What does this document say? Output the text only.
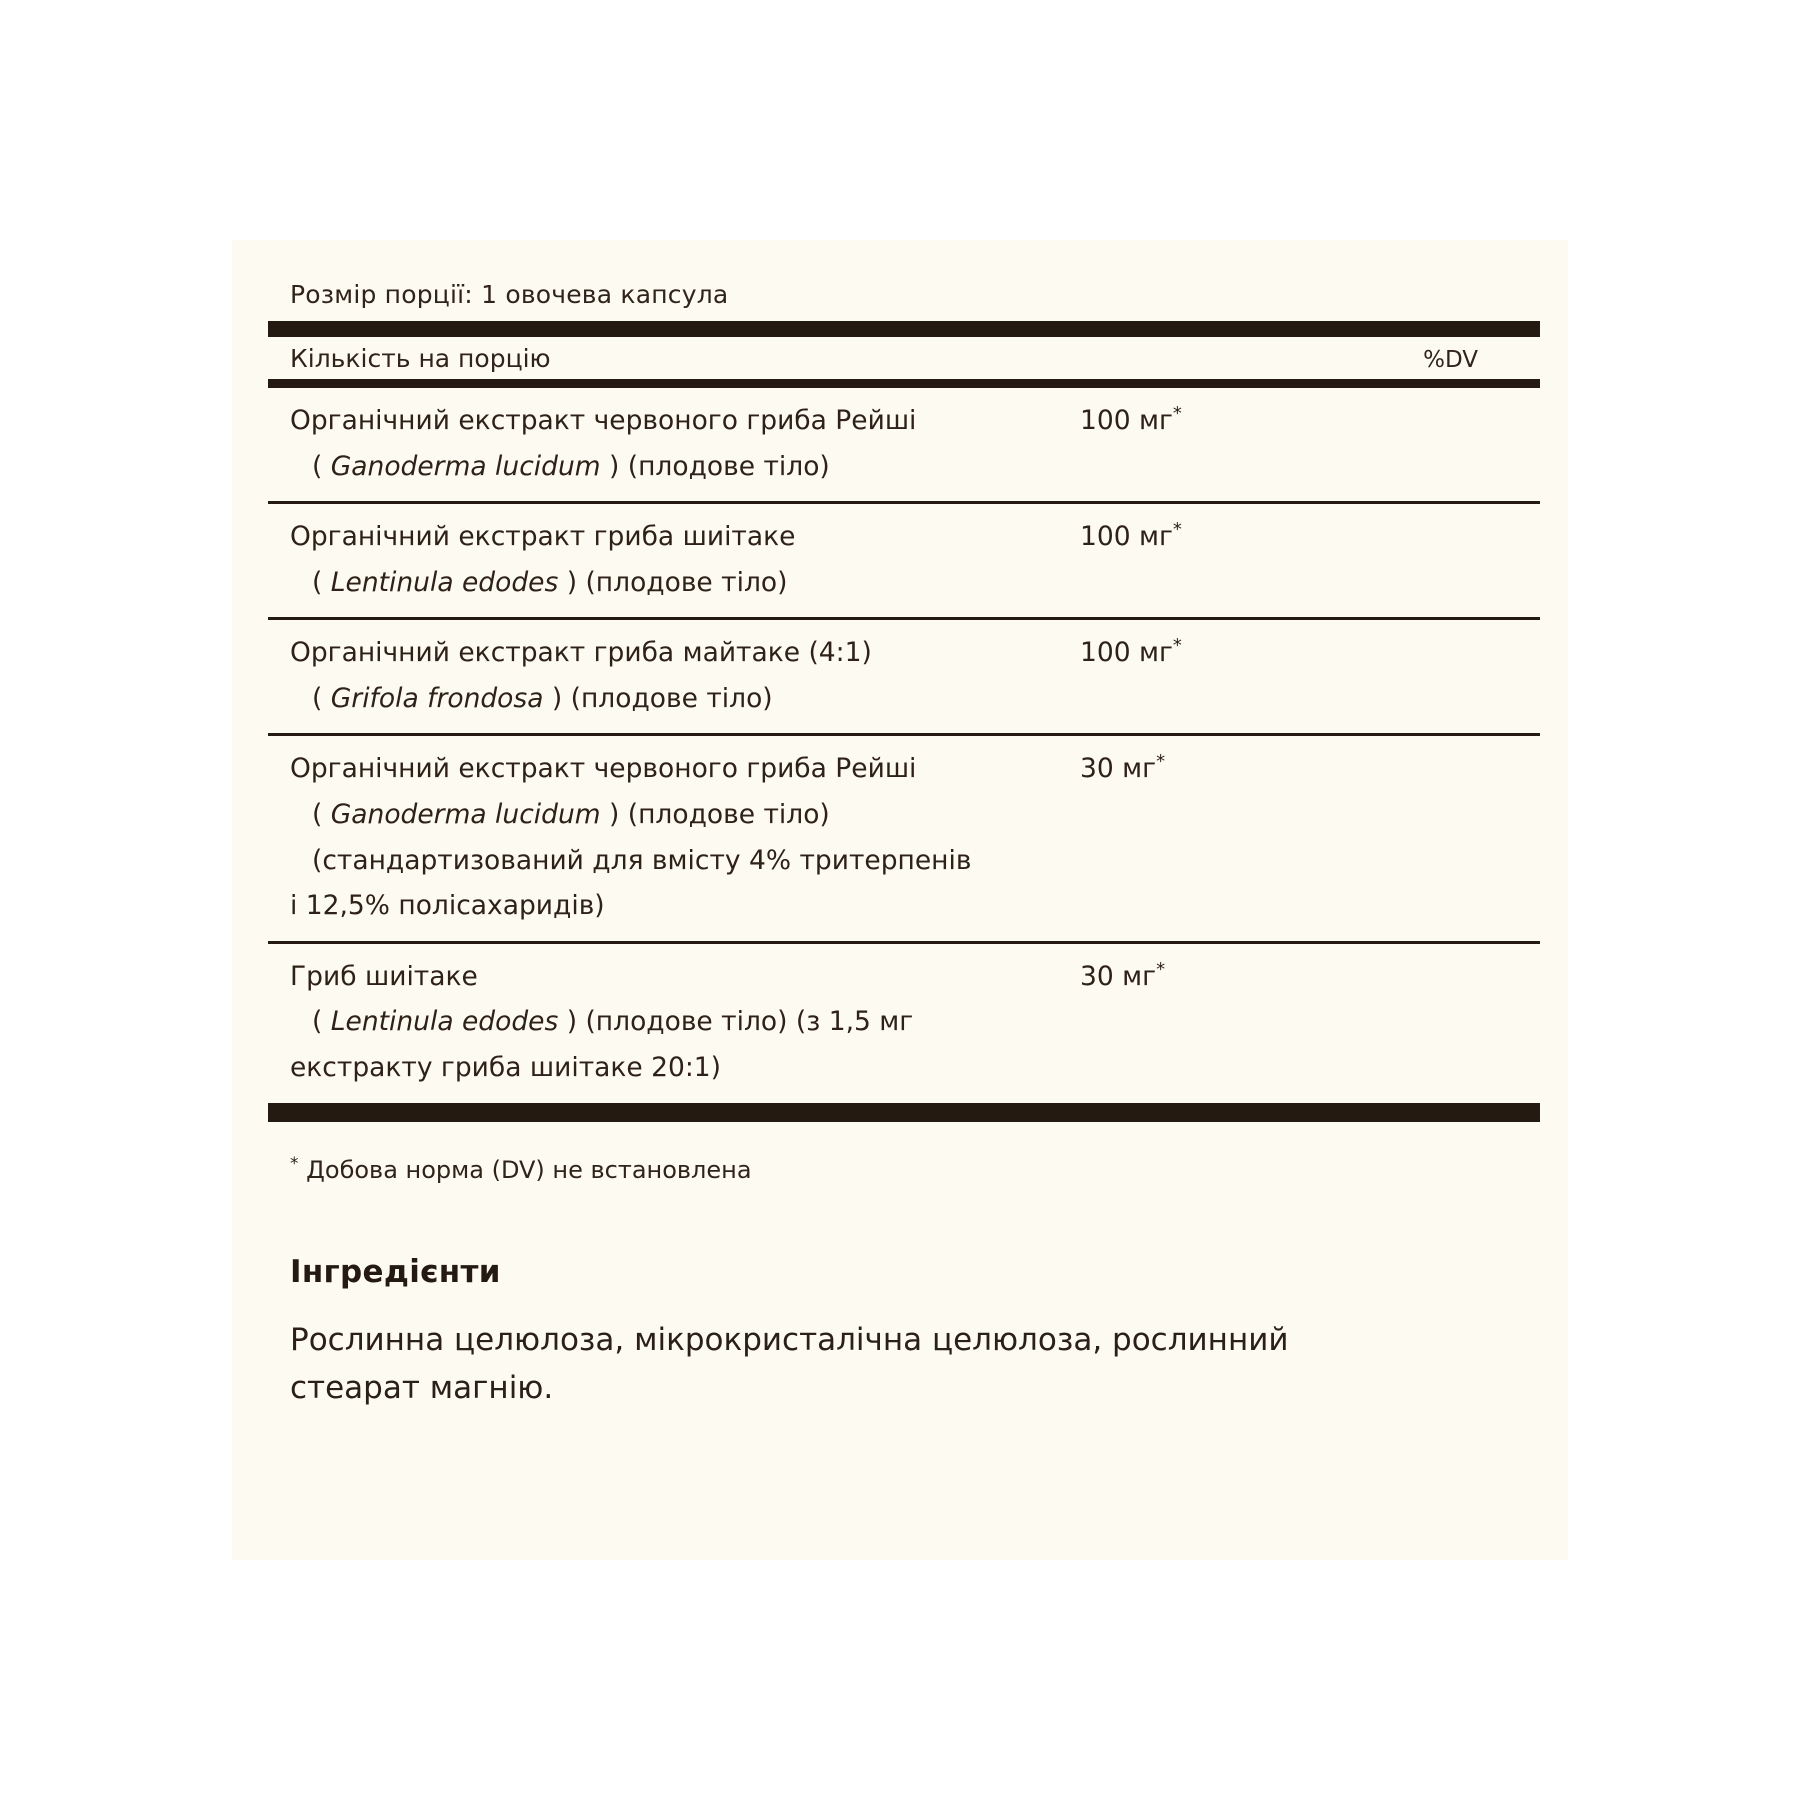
Розмір порції: 1 овочева капсула
Кількість на порцію	%DV
Органічний екстракт червоного гриба Рейші
( Ganoderma lucidum ) (плодове тіло)
100 мг*
Органічний екстракт гриба шиітаке
( Lentinula edodes ) (плодове тіло)
100 мг*
Органічний екстракт гриба майтаке (4:1)
( Grifola frondosa ) (плодове тіло)
100 мг*
Органічний екстракт червоного гриба Рейші
( Ganoderma lucidum ) (плодове тіло)
(стандартизований для вмісту 4% тритерпенів
і 12,5% полісахаридів)
30 мг*
Гриб шиітаке
( Lentinula edodes ) (плодове тіло) (з 1,5 мг
екстракту гриба шиітаке 20:1)
30 мг*
* Добова норма (DV) не встановлена
Інгредієнти
Рослинна целюлоза, мікрокристалічна целюлоза, рослинний стеарат магнію.
